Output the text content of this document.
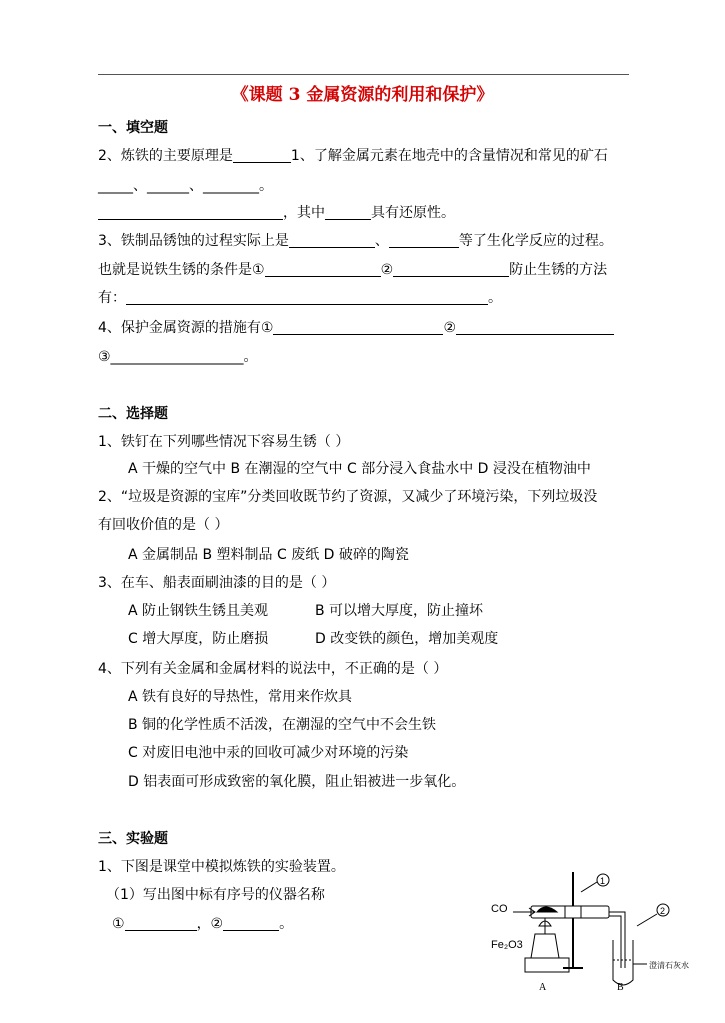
《课题 3 金属资源的利用和保护》
一、填空题
2、炼铁的主要原理是	1、了解金属元素在地壳中的含量情况和常见的矿石
_____、______、________。
，其中	具有还原性。
3、铁制品锈蚀的过程实际上是	、	等了生化学反应的过程。
也就是说铁生锈的条件是①	②	防止生锈的方法
有：	。
4、保护金属资源的措施有①	②
③___________________。
二、选择题
1、铁钉在下列哪些情况下容易生锈（ ）
A 干燥的空气中 B 在潮湿的空气中 C 部分浸入食盐水中 D 浸没在植物油中
2、“垃圾是资源的宝库”分类回收既节约了资源，又减少了环境污染，下列垃圾没
有回收价值的是（ ）
A 金属制品 B 塑料制品 C 废纸 D 破碎的陶瓷
3、在车、船表面刷油漆的目的是（ ）
A 防止钢铁生锈且美观	B 可以增大厚度，防止撞坏
C 增大厚度，防止磨损	D 改变铁的颜色，增加美观度
4、下列有关金属和金属材料的说法中，不正确的是（ ）
A 铁有良好的导热性，常用来作炊具
B 铜的化学性质不活泼，在潮湿的空气中不会生铁
C 对废旧电池中汞的回收可减少对环境的污染
D 铝表面可形成致密的氧化膜，阻止铝被进一步氧化。
三、实验题
1、下图是课堂中模拟炼铁的实验装置。
（1）写出图中标有序号的仪器名称
①	，②	。
CO
Fe₂O3
1
2
澄清石灰水
A	B
